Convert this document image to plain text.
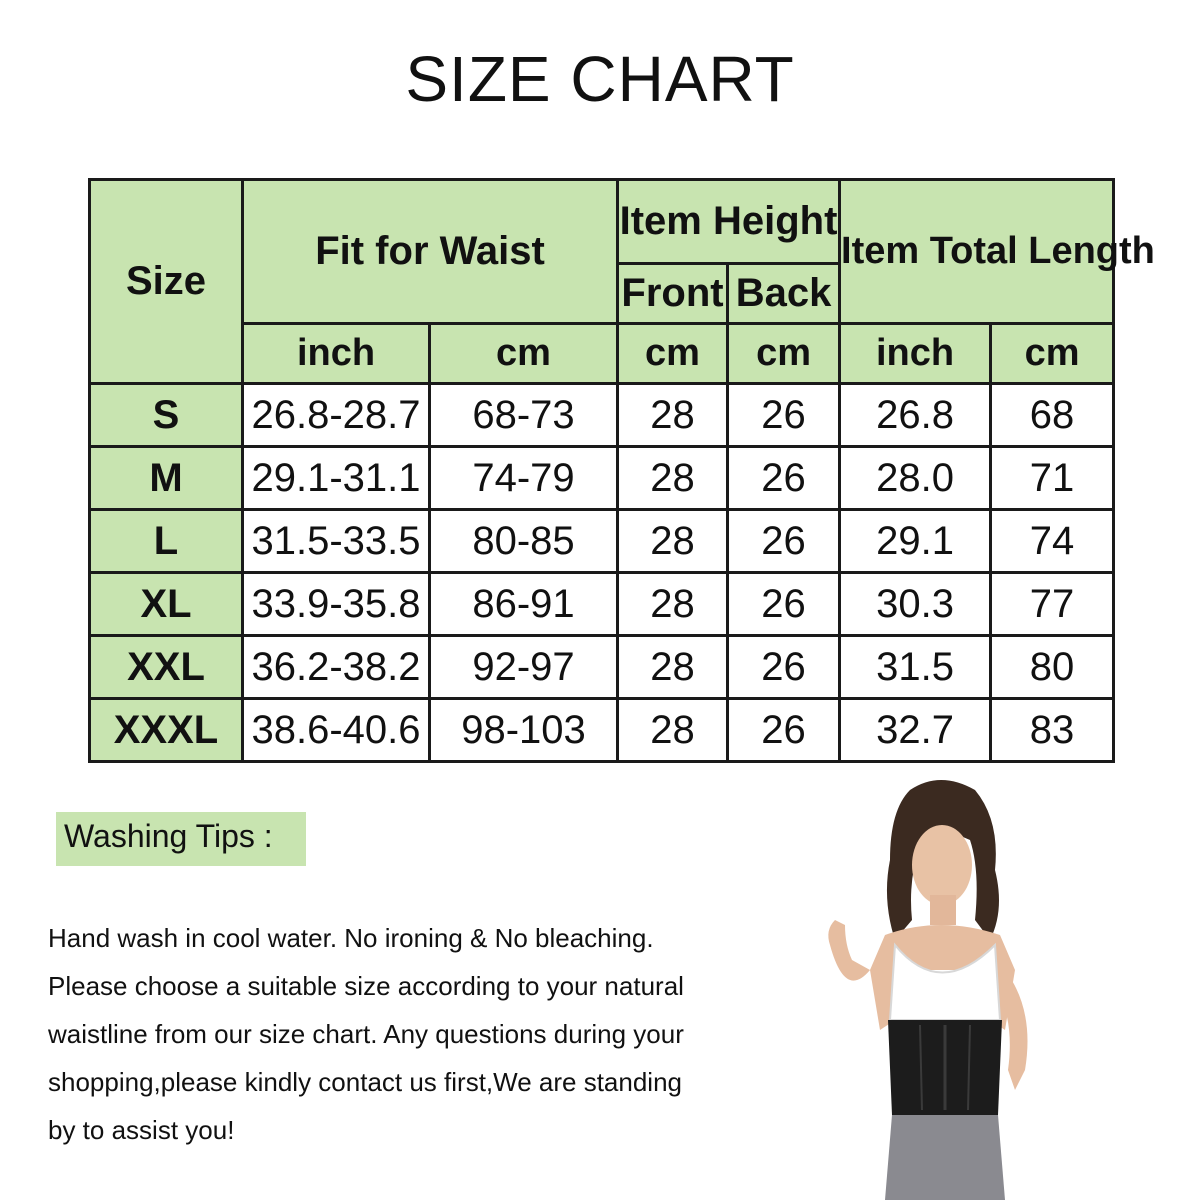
SIZE CHART
Size	Fit for Waist		Item Height		Item Total Length	
			Front	Back		
	inch	cm	cm	cm	inch	cm
S	26.8-28.7	68-73	28	26	26.8	68
M	29.1-31.1	74-79	28	26	28.0	71
L	31.5-33.5	80-85	28	26	29.1	74
XL	33.9-35.8	86-91	28	26	30.3	77
XXL	36.2-38.2	92-97	28	26	31.5	80
XXXL	38.6-40.6	98-103	28	26	32.7	83
Washing Tips :

Hand wash in cool water. No ironing & No bleaching.

Please choose a suitable size according to your natural

waistline from our size chart. Any questions during your

shopping,please kindly contact us first,We are standing

by to assist you!
